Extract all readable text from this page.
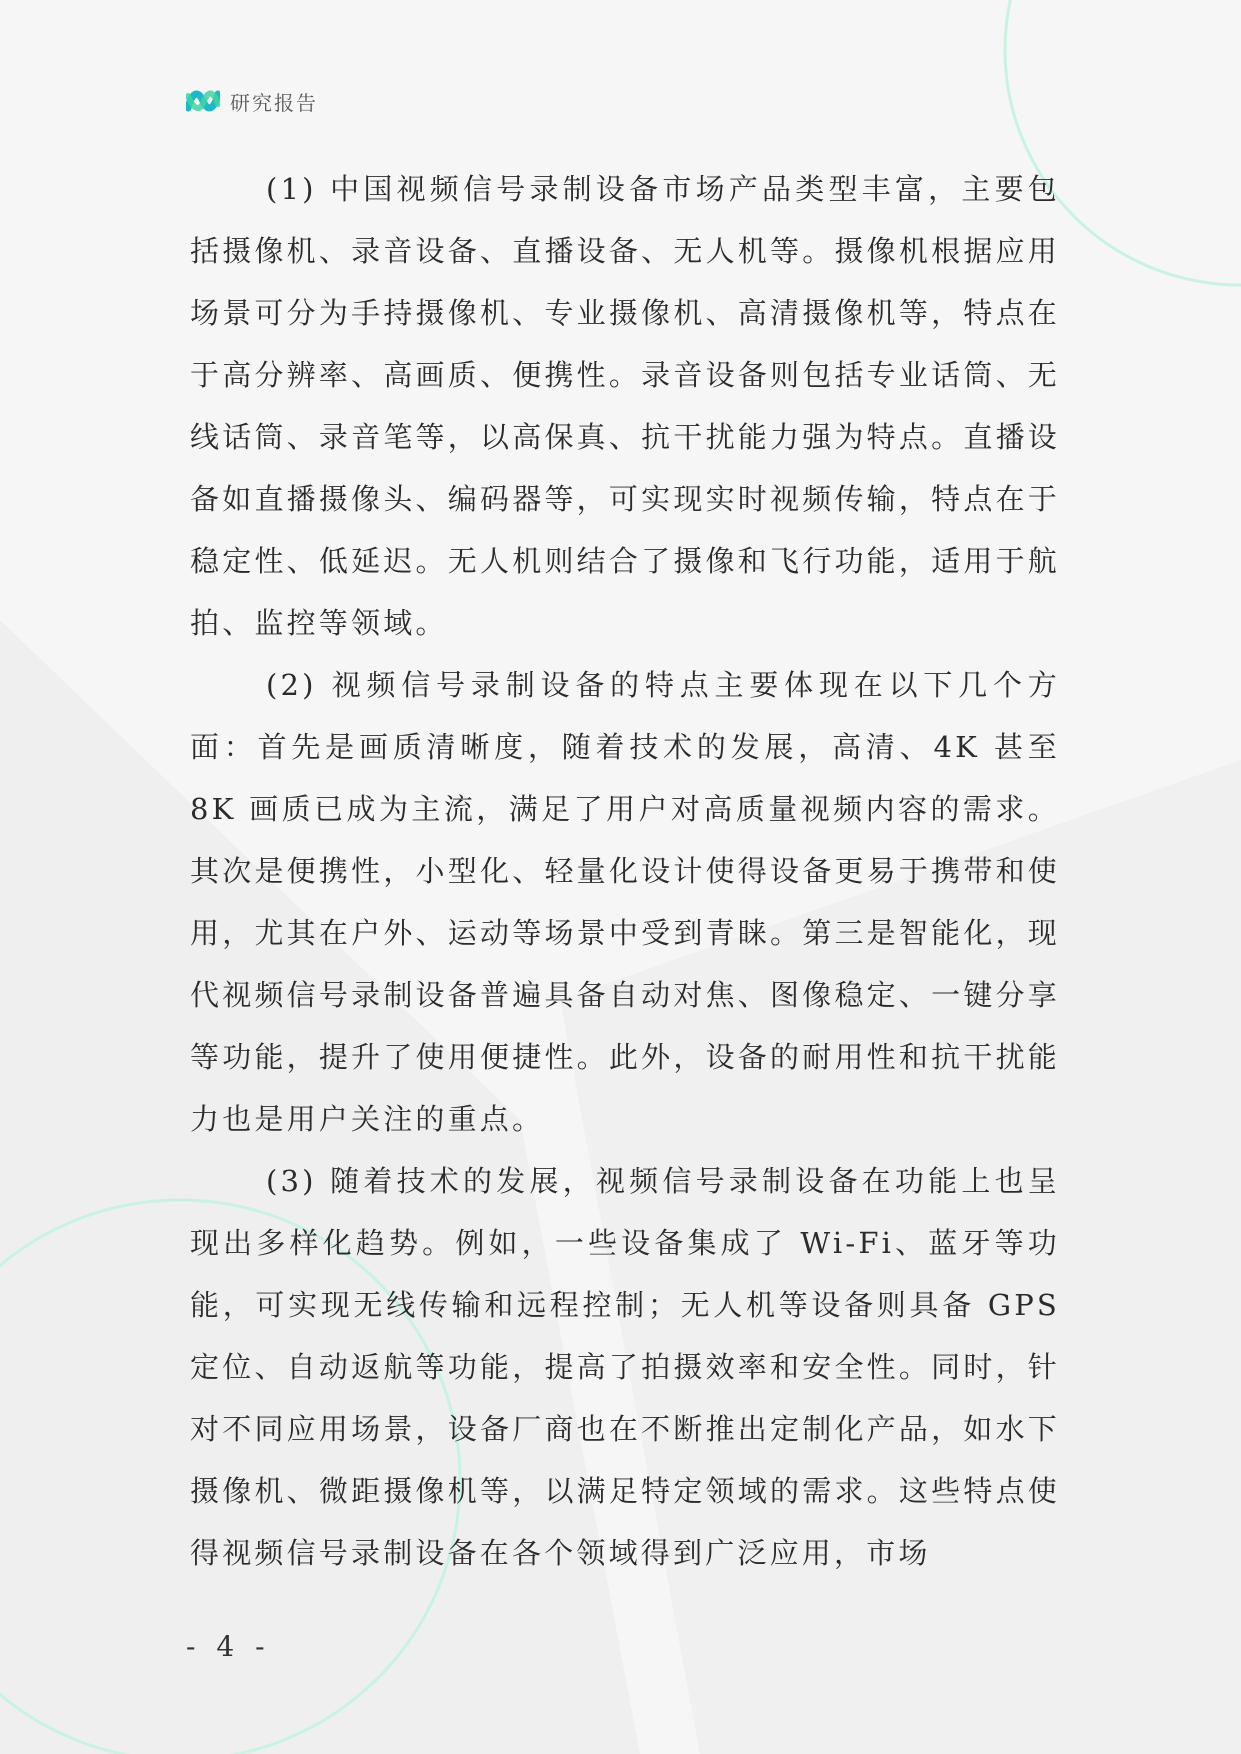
研究报告

(1) 中国视频信号录制设备市场产品类型丰富，主要包括摄像机、录音设备、直播设备、无人机等。摄像机根据应用场景可分为手持摄像机、专业摄像机、高清摄像机等，特点在于高分辨率、高画质、便携性。录音设备则包括专业话筒、无线话筒、录音笔等，以高保真、抗干扰能力强为特点。直播设备如直播摄像头、编码器等，可实现实时视频传输，特点在于稳定性、低延迟。无人机则结合了摄像和飞行功能，适用于航拍、监控等领域。

(2) 视频信号录制设备的特点主要体现在以下几个方面：首先是画质清晰度，随着技术的发展，高清、4K 甚至 8K 画质已成为主流，满足了用户对高质量视频内容的需求。其次是便携性，小型化、轻量化设计使得设备更易于携带和使用，尤其在户外、运动等场景中受到青睐。第三是智能化，现代视频信号录制设备普遍具备自动对焦、图像稳定、一键分享等功能，提升了使用便捷性。此外，设备的耐用性和抗干扰能力也是用户关注的重点。

(3) 随着技术的发展，视频信号录制设备在功能上也呈现出多样化趋势。例如，一些设备集成了 Wi-Fi、蓝牙等功能，可实现无线传输和远程控制；无人机等设备则具备 GPS 定位、自动返航等功能，提高了拍摄效率和安全性。同时，针对不同应用场景，设备厂商也在不断推出定制化产品，如水下摄像机、微距摄像机等，以满足特定领域的需求。这些特点使得视频信号录制设备在各个领域得到广泛应用，市场

- 4 -
